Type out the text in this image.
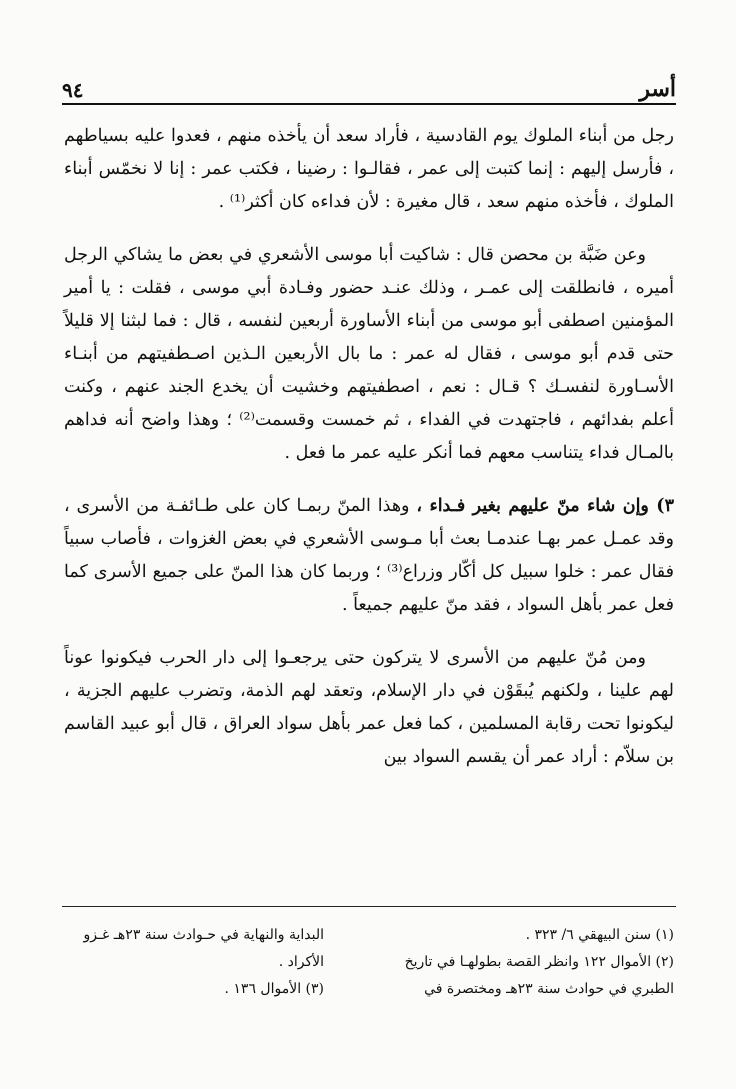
أسر
٩٤

رجل من أبناء الملوك يوم القادسية ، فأراد سعد أن يأخذه منهم ، فعدوا عليه بسياطهم ، فأرسل إليهم : إنما كتبت إلى عمر ، فقالـوا : رضينا ، فكتب عمر : إنا لا نخمّس أبناء الملوك ، فأخذه منهم سعد ، قال مغيرة : لأن فداءه كان أكثر⁽¹⁾ .

وعن ضَبَّة بن محصن قال : شاكيت أبا موسى الأشعري في بعض ما يشاكي الرجل أميره ، فانطلقت إلى عمـر ، وذلك عنـد حضور وفـادة أبي موسى ، فقلت : يا أمير المؤمنين اصطفى أبو موسى من أبناء الأساورة أربعين لنفسه ، قال : فما لبثنا إلا قليلاً حتى قدم أبو موسى ، فقال له عمر : ما بال الأربعين الـذين اصـطفيتهم من أبنـاء الأسـاورة لنفسـك ؟ قـال : نعم ، اصطفيتهم وخشيت أن يخدع الجند عنهم ، وكنت أعلم بفدائهم ، فاجتهدت في الفداء ، ثم خمست وقسمت⁽²⁾ ؛ وهذا واضح أنه فداهم بالمـال فداء يتناسب معهم فما أنكر عليه عمر ما فعل .

٣) وإن شاء منّ عليهم بغير فـداء ، وهذا المنّ ربمـا كان على طـائفـة من الأسرى ، وقد عمـل عمر بهـا عندمـا بعث أبا مـوسى الأشعري في بعض الغزوات ، فأصاب سبياً فقال عمر : خلوا سبيل كل أكّار وزراع⁽³⁾ ؛ وربما كان هذا المنّ على جميع الأسرى كما فعل عمر بأهل السواد ، فقد منّ عليهم جميعاً .

ومن مُنّ عليهم من الأسرى لا يتركون حتى يرجعـوا إلى دار الحرب فيكونوا عوناً لهم علينا ، ولكنهم يُبقَوْن في دار الإسلام، وتعقد لهم الذمة، وتضرب عليهم الجزية ، ليكونوا تحت رقابة المسلمين ، كما فعل عمر بأهل سواد العراق ، قال أبو عبيد القاسم بن سلاّم : أراد عمر أن يقسم السواد بين

(١) سنن البيهقي ٦/ ٣٢٣ .
(٢) الأموال ١٢٢ وانظر القصة بطولهـا في تاريخ
الطبري في حوادث سنة ٢٣هـ ومختصرة في
البداية والنهاية في حـوادث سنة ٢٣هـ غـزو
الأكراد .
(٣) الأموال ١٣٦ .
